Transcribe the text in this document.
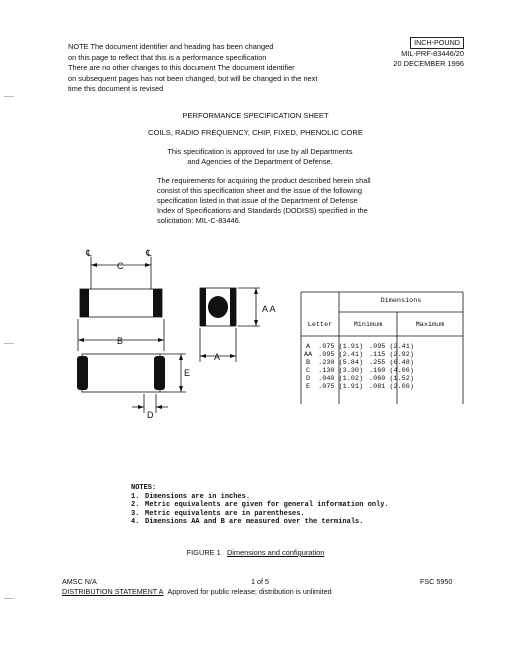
NOTE The document identifier and heading has been changed
on this page to reflect that this is a performance specification
There are no other changes to this document The document identifier
on subsequent pages has not been changed, but will be changed in the next
time this document is revised
INCH-POUND
MIL-PRF-83446/20
20 DECEMBER 1996
PERFORMANCE SPECIFICATION SHEET
COILS, RADIO FREQUENCY, CHIP, FIXED, PHENOLIC CORE
This specification is approved for use by all Departments
and Agencies of the Department of Defense.
The requirements for acquiring the product described herein shall
consist of this specification sheet and the issue of the following
specification listed in that issue of the Department of Defense
Index of Specifications and Standards (DODISS) specified in the
solicitation: MIL-C-83446.
℄	℄
C
B
E
D
A A
A
Dimensions
Letter	Minimum	Maximum
A	.075 (1.91)	.095 (2.41)
AA	.095 (2.41)	.115 (2.92)
B	.230 (5.84)	.255 (6.48)
C	.130 (3.30)	.160 (4.06)
D	.040 (1.02)	.060 (1.52)
E	.075 (1.91)	.081 (2.06)
NOTES:
1. Dimensions are in inches.
2. Metric equivalents are given for general information only.
3. Metric equivalents are in parentheses.
4. Dimensions AA and B are measured over the terminals.
FIGURE 1 Dimensions and configuration
AMSC N/A	1 of 5	FSC 5950
DISTRIBUTION STATEMENT A Approved for public release; distribution is unlimited
